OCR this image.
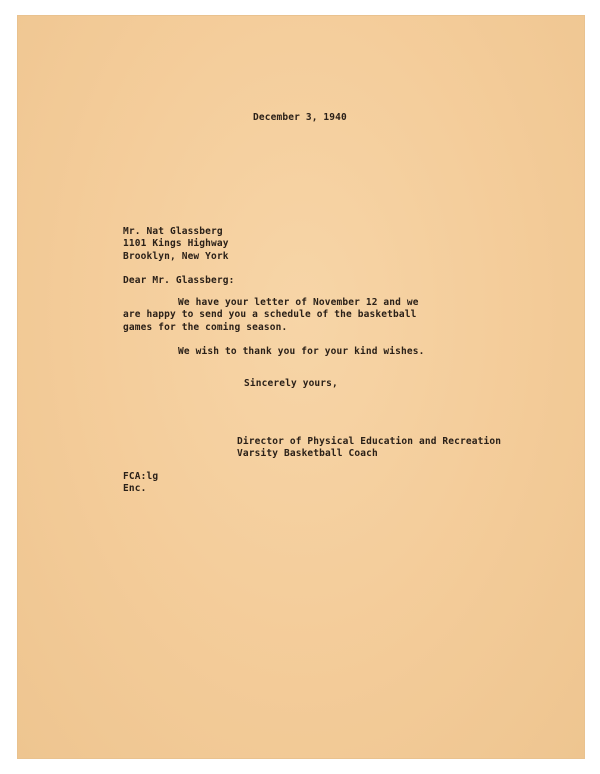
December 3, 1940
Mr. Nat Glassberg
1101 Kings Highway
Brooklyn, New York
Dear Mr. Glassberg:
We have your letter of November 12 and we
are happy to send you a schedule of the basketball
games for the coming season.
We wish to thank you for your kind wishes.
Sincerely yours,
Director of Physical Education and Recreation
Varsity Basketball Coach
FCA:lg
Enc.
